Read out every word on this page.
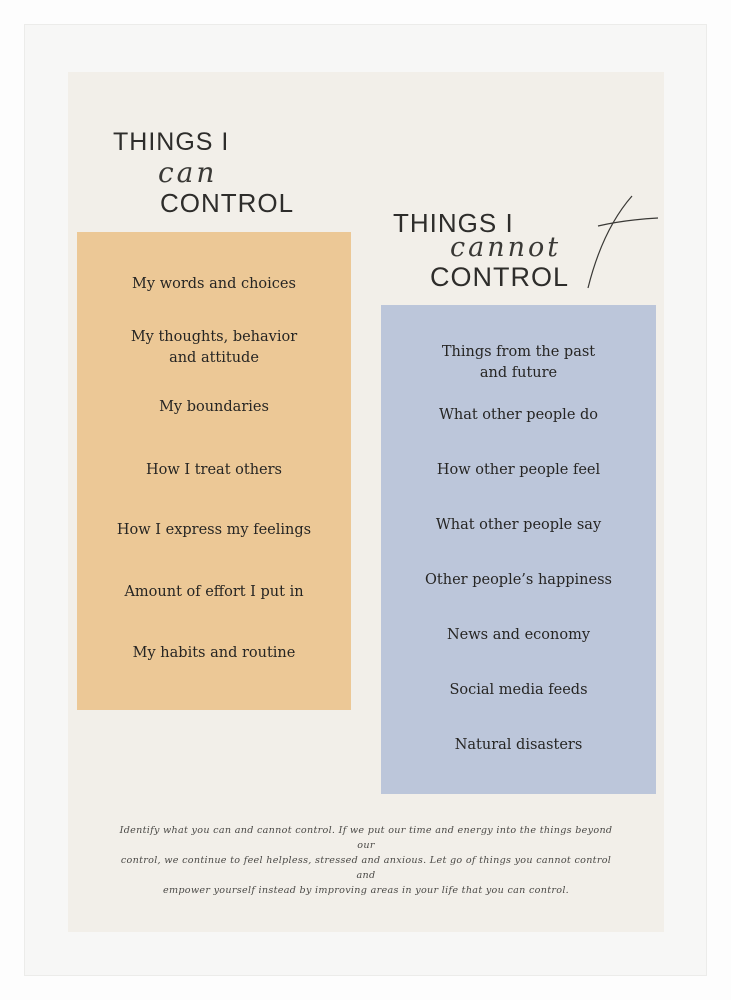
THINGS I
can
CONTROL
THINGS I
cannot
CONTROL
My words and choices
My thoughts, behavior
and attitude
My boundaries
How I treat others
How I express my feelings
Amount of effort I put in
My habits and routine
Things from the past
and future
What other people do
How other people feel
What other people say
Other people’s happiness
News and economy
Social media feeds
Natural disasters
Identify what you can and cannot control. If we put our time and energy into the things beyond our
control, we continue to feel helpless, stressed and anxious. Let go of things you cannot control and
empower yourself instead by improving areas in your life that you can control.
